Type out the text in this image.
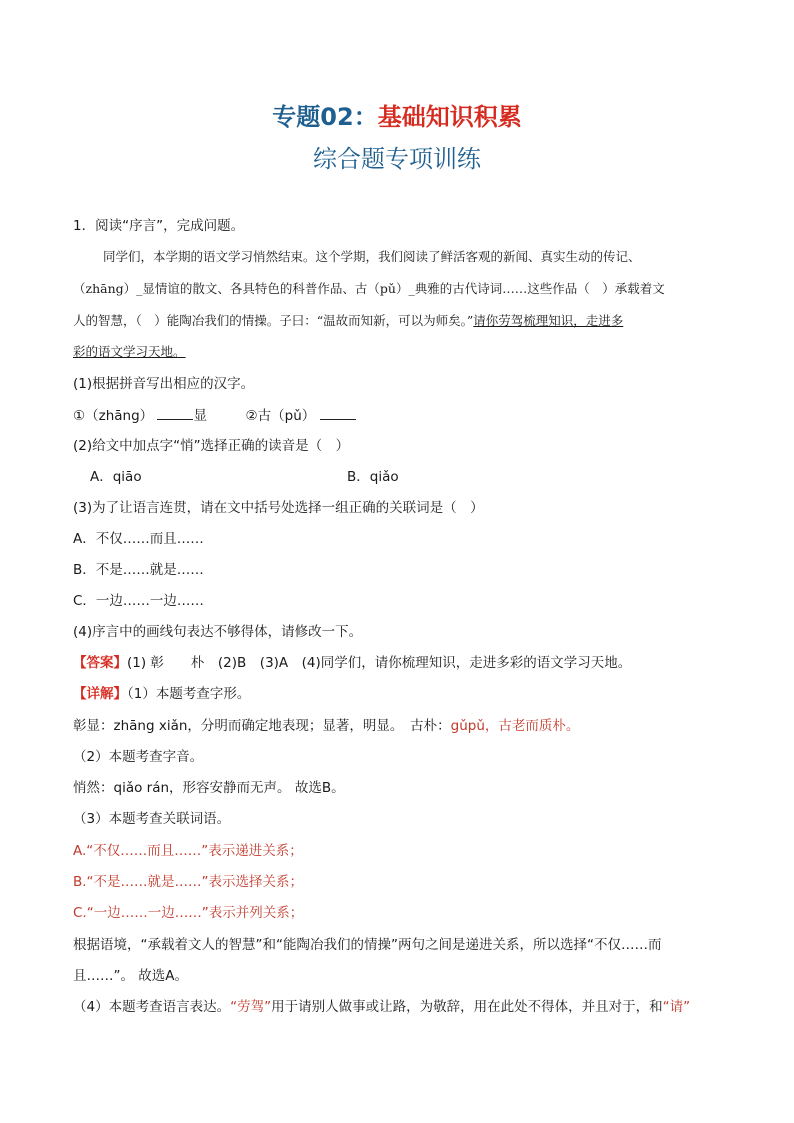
专题02：基础知识积累
综合题专项训练
1．阅读“序言”，完成问题。
同学们，本学期的语文学习悄然结束。这个学期，我们阅读了鲜活客观的新闻、真实生动的传记、
（zhāng）_显情谊的散文、各具特色的科普作品、古（pǔ）_典雅的古代诗词……这些作品（　）承载着文
人的智慧，（　）能陶冶我们的情操。子曰：“温故而知新，可以为师矣。”请你劳驾梳理知识，走进多
彩的语文学习天地。
(1)根据拼音写出相应的汉字。
①（zhāng）	显	②古（pǔ）
(2)给文中加点字“悄”选择正确的读音是（　）
A．qiāo	B．qiǎo
(3)为了让语言连贯，请在文中括号处选择一组正确的关联词是（　）
A．不仅……而且……
B．不是……就是……
C．一边……一边……
(4)序言中的画线句表达不够得体，请修改一下。
【答案】(1) 彰　　朴　(2)B　(3)A　(4)同学们，请你梳理知识，走进多彩的语文学习天地。
【详解】（1）本题考查字形。
彰显：zhāng xiǎn，分明而确定地表现；显著，明显。　古朴：gǔpǔ，古老而质朴。
（2）本题考查字音。
悄然：qiǎo rán，形容安静而无声。 故选B。
（3）本题考查关联词语。
A.“不仅……而且……”表示递进关系；
B.“不是……就是……”表示选择关系；
C.“一边……一边……”表示并列关系；
根据语境，“承载着文人的智慧”和“能陶冶我们的情操”两句之间是递进关系，所以选择“不仅……而
且……”。 故选A。
（4）本题考查语言表达。“劳驾”用于请别人做事或让路，为敬辞，用在此处不得体，并且对于，和“请”
